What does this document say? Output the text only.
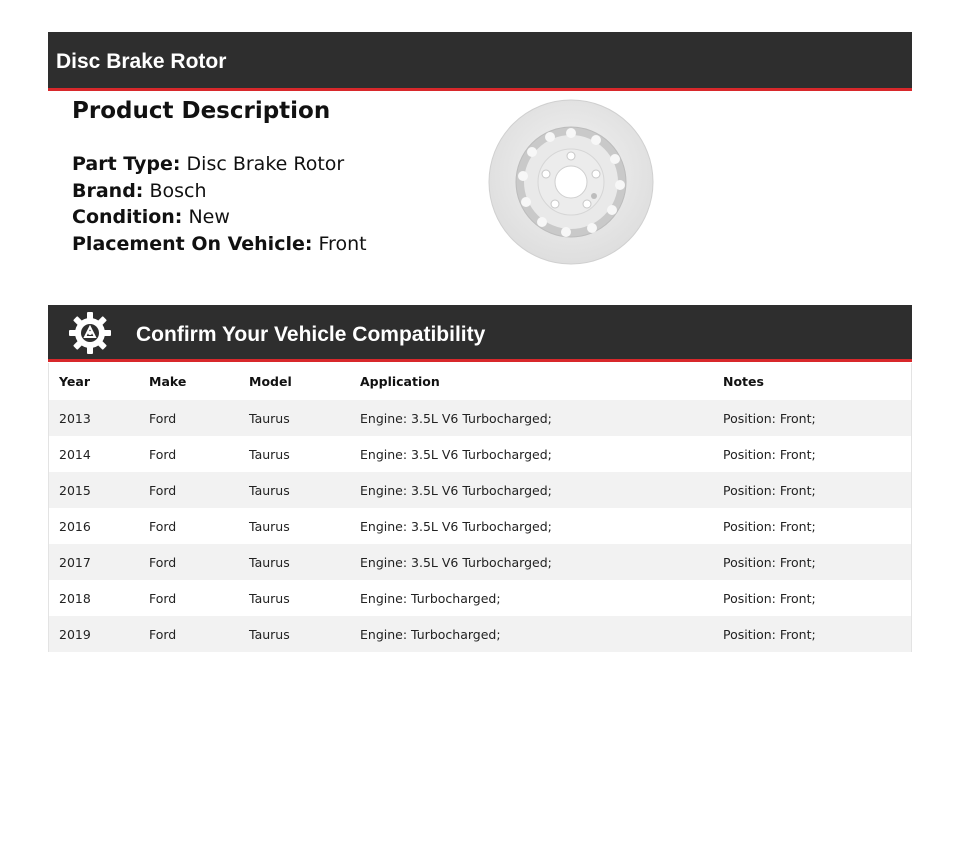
Disc Brake Rotor
Product Description
Part Type: Disc Brake Rotor
Brand: Bosch
Condition: New
Placement On Vehicle: Front
Confirm Your Vehicle Compatibility
Year	Make	Model	Application	Notes
2013	Ford	Taurus	Engine: 3.5L V6 Turbocharged;	Position: Front;
2014	Ford	Taurus	Engine: 3.5L V6 Turbocharged;	Position: Front;
2015	Ford	Taurus	Engine: 3.5L V6 Turbocharged;	Position: Front;
2016	Ford	Taurus	Engine: 3.5L V6 Turbocharged;	Position: Front;
2017	Ford	Taurus	Engine: 3.5L V6 Turbocharged;	Position: Front;
2018	Ford	Taurus	Engine: Turbocharged;	Position: Front;
2019	Ford	Taurus	Engine: Turbocharged;	Position: Front;
